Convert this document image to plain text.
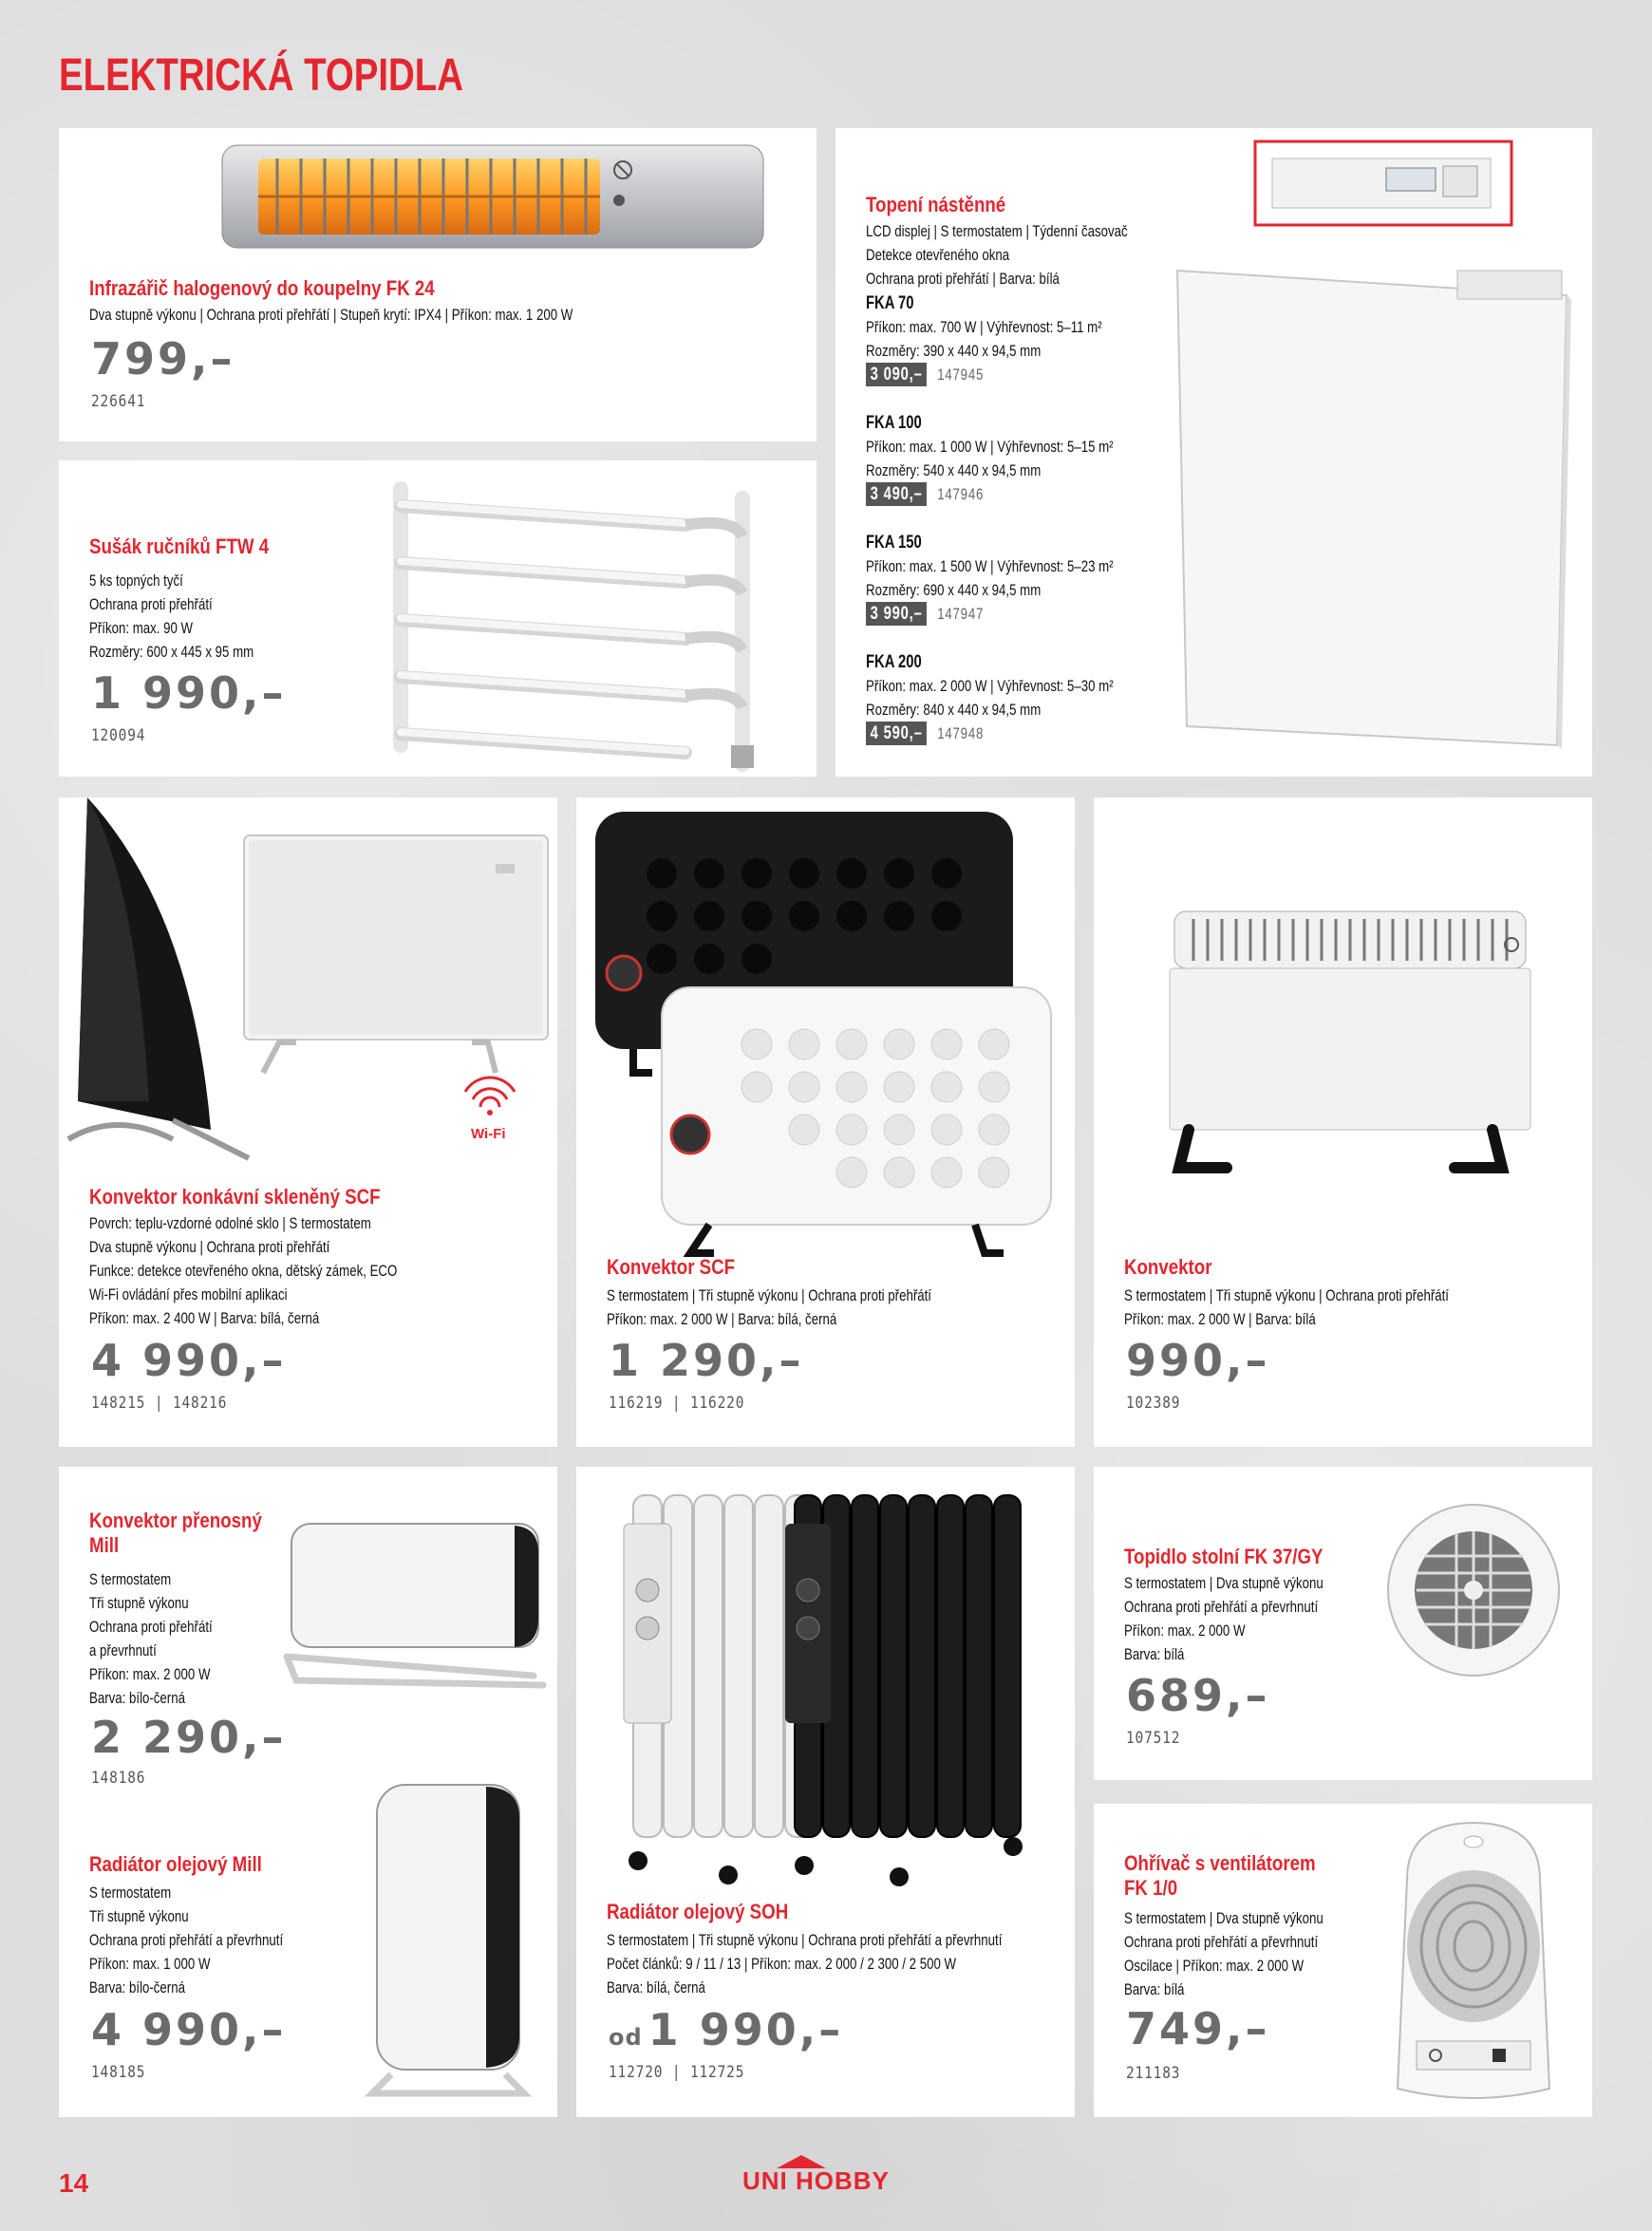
ELEKTRICKÁ TOPIDLA
Infrazářič halogenový do koupelny FK 24
Dva stupně výkonu | Ochrana proti přehřátí | Stupeň krytí: IPX4 | Příkon: max. 1 200 W
799,–
226641
Topení nástěnné
LCD displej | S termostatem | Týdenní časovač
Detekce otevřeného okna
Ochrana proti přehřátí | Barva: bílá
FKA 70
Příkon: max. 700 W | Výhřevnost: 5–11 m²
Rozměry: 390 x 440 x 94,5 mm
3 090,– 147945
FKA 100
Příkon: max. 1 000 W | Výhřevnost: 5–15 m²
Rozměry: 540 x 440 x 94,5 mm
3 490,– 147946
FKA 150
Příkon: max. 1 500 W | Výhřevnost: 5–23 m²
Rozměry: 690 x 440 x 94,5 mm
3 990,– 147947
FKA 200
Příkon: max. 2 000 W | Výhřevnost: 5–30 m²
Rozměry: 840 x 440 x 94,5 mm
4 590,– 147948
Sušák ručníků FTW 4
5 ks topných tyčí
Ochrana proti přehřátí
Příkon: max. 90 W
Rozměry: 600 x 445 x 95 mm
1 990,–
120094
Wi-Fi
Konvektor konkávní skleněný SCF
Povrch: teplu-vzdorné odolné sklo | S termostatem
Dva stupně výkonu | Ochrana proti přehřátí
Funkce: detekce otevřeného okna, dětský zámek, ECO
Wi-Fi ovládání přes mobilní aplikaci
Příkon: max. 2 400 W | Barva: bílá, černá
4 990,–
148215 | 148216
Konvektor SCF
S termostatem | Tři stupně výkonu | Ochrana proti přehřátí
Příkon: max. 2 000 W | Barva: bílá, černá
1 290,–
116219 | 116220
Konvektor
S termostatem | Tři stupně výkonu | Ochrana proti přehřátí
Příkon: max. 2 000 W | Barva: bílá
990,–
102389
Konvektor přenosný Mill
S termostatem
Tři stupně výkonu
Ochrana proti přehřátí
a převrhnutí
Příkon: max. 2 000 W
Barva: bílo-černá
2 290,–
148186
Radiátor olejový Mill
S termostatem
Tři stupně výkonu
Ochrana proti přehřátí a převrhnutí
Příkon: max. 1 000 W
Barva: bílo-černá
4 990,–
148185
Radiátor olejový SOH
S termostatem | Tři stupně výkonu | Ochrana proti přehřátí a převrhnutí
Počet článků: 9 / 11 / 13 | Příkon: max. 2 000 / 2 300 / 2 500 W
Barva: bílá, černá
od 1 990,–
112720 | 112725
Topidlo stolní FK 37/GY
S termostatem | Dva stupně výkonu
Ochrana proti přehřátí a převrhnutí
Příkon: max. 2 000 W
Barva: bílá
689,–
107512
Ohřívač s ventilátorem FK 1/0
S termostatem | Dva stupně výkonu
Ochrana proti přehřátí a převrhnutí
Oscilace | Příkon: max. 2 000 W
Barva: bílá
749,–
211183
14	UNI HOBBY
